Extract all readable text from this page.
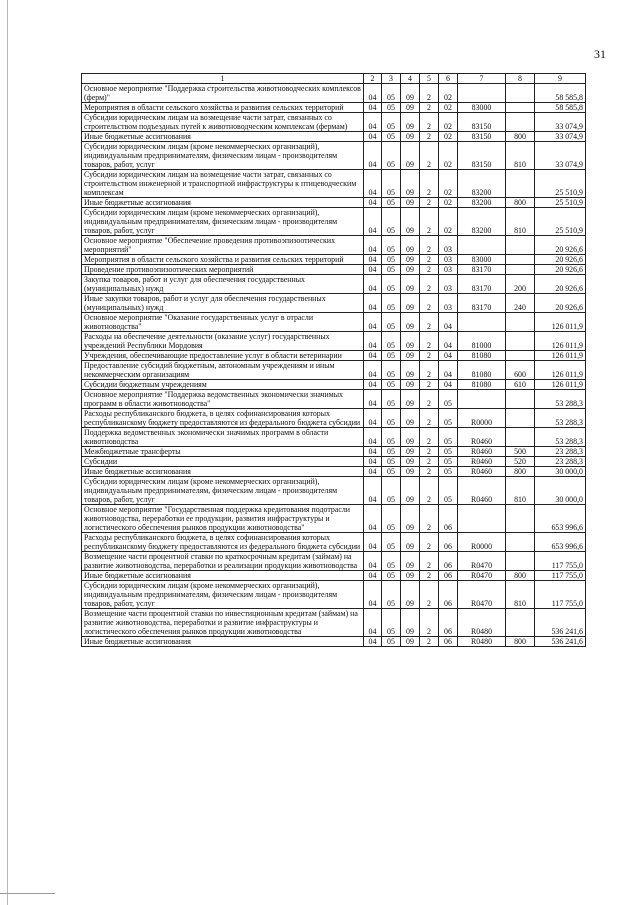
31
1	2	3	4	5	6	7	8	9
Основное мероприятие "Поддержка строительства животноводческих комплексов (ферм)"	04	05	09	2	02			58 585,8
Мероприятия в области сельского хозяйства и развития сельских территорий	04	05	09	2	02	83000		58 585,8
Субсидии юридическим лицам на возмещение части затрат, связанных со строительством подъездных путей к животноводческим комплексам (фермам)	04	05	09	2	02	83150		33 074,9
Иные бюджетные ассигнования	04	05	09	2	02	83150	800	33 074,9
Субсидии юридическим лицам (кроме некоммерческих организаций), индивидуальным предпринимателям, физическим лицам - производителям товаров, работ, услуг	04	05	09	2	02	83150	810	33 074,9
Субсидии юридическим лицам на возмещение части затрат, связанных со строительством инженерной и транспортной инфраструктуры к птицеводческим комплексам	04	05	09	2	02	83200		25 510,9
Иные бюджетные ассигнования	04	05	09	2	02	83200	800	25 510,9
Субсидии юридическим лицам (кроме некоммерческих организаций), индивидуальным предпринимателям, физическим лицам - производителям товаров, работ, услуг	04	05	09	2	02	83200	810	25 510,9
Основное мероприятие "Обеспечение проведения противоэпизоотических мероприятий"	04	05	09	2	03			20 926,6
Мероприятия в области сельского хозяйства и развития сельских территорий	04	05	09	2	03	83000		20 926,6
Проведение противоэпизоотических мероприятий	04	05	09	2	03	83170		20 926,6
Закупка товаров, работ и услуг для обеспечения государственных (муниципальных) нужд	04	05	09	2	03	83170	200	20 926,6
Иные закупки товаров, работ и услуг для обеспечения государственных (муниципальных) нужд	04	05	09	2	03	83170	240	20 926,6
Основное мероприятие "Оказание государственных услуг в отрасли животноводства"	04	05	09	2	04			126 011,9
Расходы на обеспечение деятельности (оказание услуг) государственных учреждений Республики Мордовия	04	05	09	2	04	81000		126 011,9
Учреждения, обеспечивающие предоставление услуг в области ветеринарии	04	05	09	2	04	81080		126 011,9
Предоставление субсидий бюджетным, автономным учреждениям и иным некоммерческим организациям	04	05	09	2	04	81080	600	126 011,9
Субсидии бюджетным учреждениям	04	05	09	2	04	81080	610	126 011,9
Основное мероприятие "Поддержка ведомственных экономически значимых программ в области животноводства"	04	05	09	2	05			53 288,3
Расходы республиканского бюджета, в целях софинансирования которых республиканскому бюджету предоставляются из федерального бюджета субсидии	04	05	09	2	05	R0000		53 288,3
Поддержка ведомственных экономически значимых программ в области животноводства	04	05	09	2	05	R0460		53 288,3
Межбюджетные трансферты	04	05	09	2	05	R0460	500	23 288,3
Субсидии	04	05	09	2	05	R0460	520	23 288,3
Иные бюджетные ассигнования	04	05	09	2	05	R0460	800	30 000,0
Субсидии юридическим лицам (кроме некоммерческих организаций), индивидуальным предпринимателям, физическим лицам - производителям товаров, работ, услуг	04	05	09	2	05	R0460	810	30 000,0
Основное мероприятие "Государственная поддержка кредитования подотрасли животноводства, переработки ее продукции, развития инфраструктуры и логистического обеспечения рынков продукции животноводства"	04	05	09	2	06			653 996,6
Расходы республиканского бюджета, в целях софинансирования которых республиканскому бюджету предоставляются из федерального бюджета субсидии	04	05	09	2	06	R0000		653 996,6
Возмещение части процентной ставки по краткосрочным кредитам (займам) на развитие животноводства, переработки и реализации продукции животноводства	04	05	09	2	06	R0470		117 755,0
Иные бюджетные ассигнования	04	05	09	2	06	R0470	800	117 755,0
Субсидии юридическим лицам (кроме некоммерческих организаций), индивидуальным предпринимателям, физическим лицам - производителям товаров, работ, услуг	04	05	09	2	06	R0470	810	117 755,0
Возмещение части процентной ставки по инвестиционным кредитам (займам) на развитие животноводства, переработки и развитие инфраструктуры и логистического обеспечения рынков продукции животноводства	04	05	09	2	06	R0480		536 241,6
Иные бюджетные ассигнования	04	05	09	2	06	R0480	800	536 241,6
